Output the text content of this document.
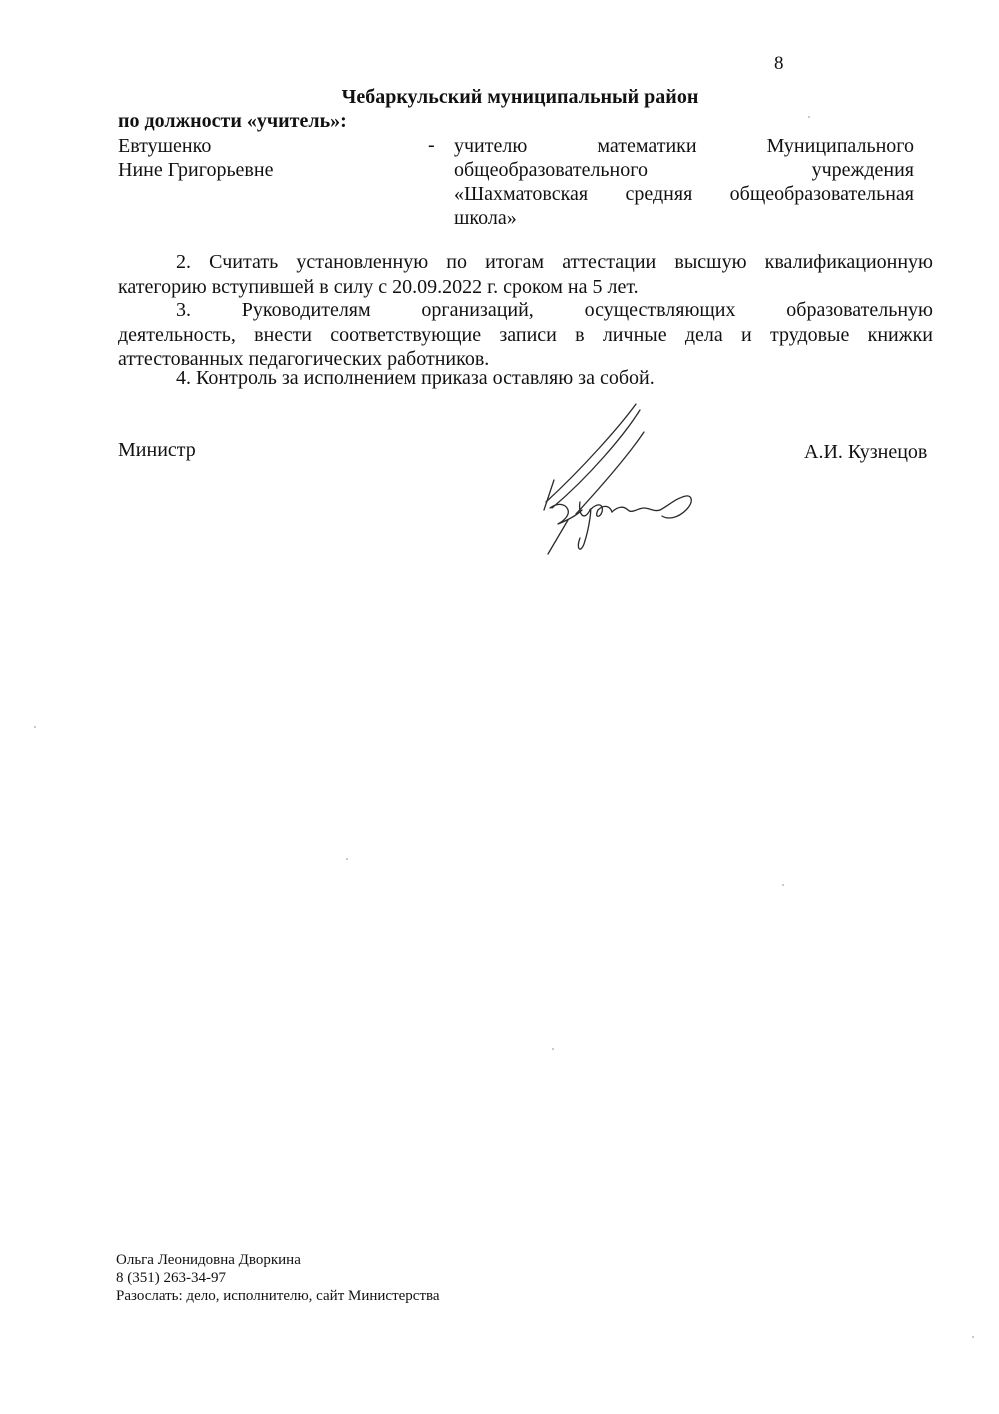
8
Чебаркульский муниципальный район
по должности «учитель»:
Евтушенко
Нине Григорьевне
- учителю математики Муниципального
общеобразовательного учреждения
«Шахматовская средняя общеобразовательная
школа»
2. Считать установленную по итогам аттестации высшую квалификационную
категорию вступившей в силу с 20.09.2022 г. сроком на 5 лет.
3. Руководителям организаций, осуществляющих образовательную
деятельность, внести соответствующие записи в личные дела и трудовые книжки
аттестованных педагогических работников.
4. Контроль за исполнением приказа оставляю за собой.
Министр	А.И. Кузнецов
Ольга Леонидовна Дворкина
8 (351) 263-34-97
Разослать: дело, исполнителю, сайт Министерства
